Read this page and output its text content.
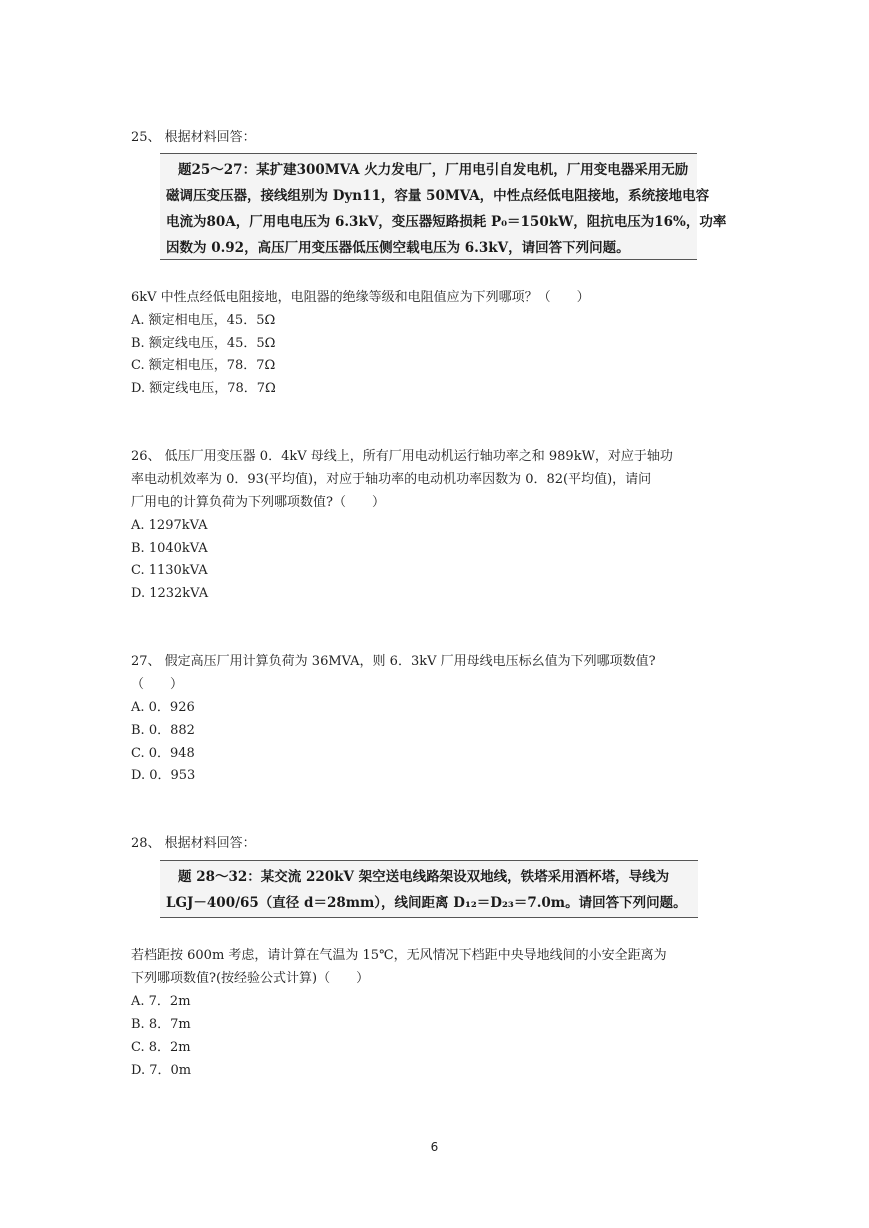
25、 根据材料回答：
题25～27：某扩建300MVA 火力发电厂，厂用电引自发电机，厂用变电器采用无励
磁调压变压器，接线组别为 Dyn11，容量 50MVA，中性点经低电阻接地，系统接地电容
电流为80A，厂用电电压为 6.3kV，变压器短路损耗 P₀＝150kW，阻抗电压为16%，功率
因数为 0.92，高压厂用变压器低压侧空载电压为 6.3kV，请回答下列问题。
6kV 中性点经低电阻接地，电阻器的绝缘等级和电阻值应为下列哪项？（　　）
A. 额定相电压，45．5Ω
B. 额定线电压，45．5Ω
C. 额定相电压，78．7Ω
D. 额定线电压，78．7Ω
26、 低压厂用变压器 0．4kV 母线上，所有厂用电动机运行轴功率之和 989kW，对应于轴功
率电动机效率为 0．93(平均值)，对应于轴功率的电动机功率因数为 0．82(平均值)，请问
厂用电的计算负荷为下列哪项数值?（　　）
A. 1297kVA
B. 1040kVA
C. 1130kVA
D. 1232kVA
27、 假定高压厂用计算负荷为 36MVA，则 6．3kV 厂用母线电压标幺值为下列哪项数值?
（　　）
A. 0．926
B. 0．882
C. 0．948
D. 0．953
28、 根据材料回答：
题 28～32：某交流 220kV 架空送电线路架设双地线，铁塔采用酒杯塔，导线为
LGJ－400/65（直径 d＝28mm），线间距离 D₁₂＝D₂₃＝7.0m。请回答下列问题。
若档距按 600m 考虑，请计算在气温为 15℃，无风情况下档距中央导地线间的小安全距离为
下列哪项数值?(按经验公式计算)（　　）
A. 7．2m
B. 8．7m
C. 8．2m
D. 7．0m
6
